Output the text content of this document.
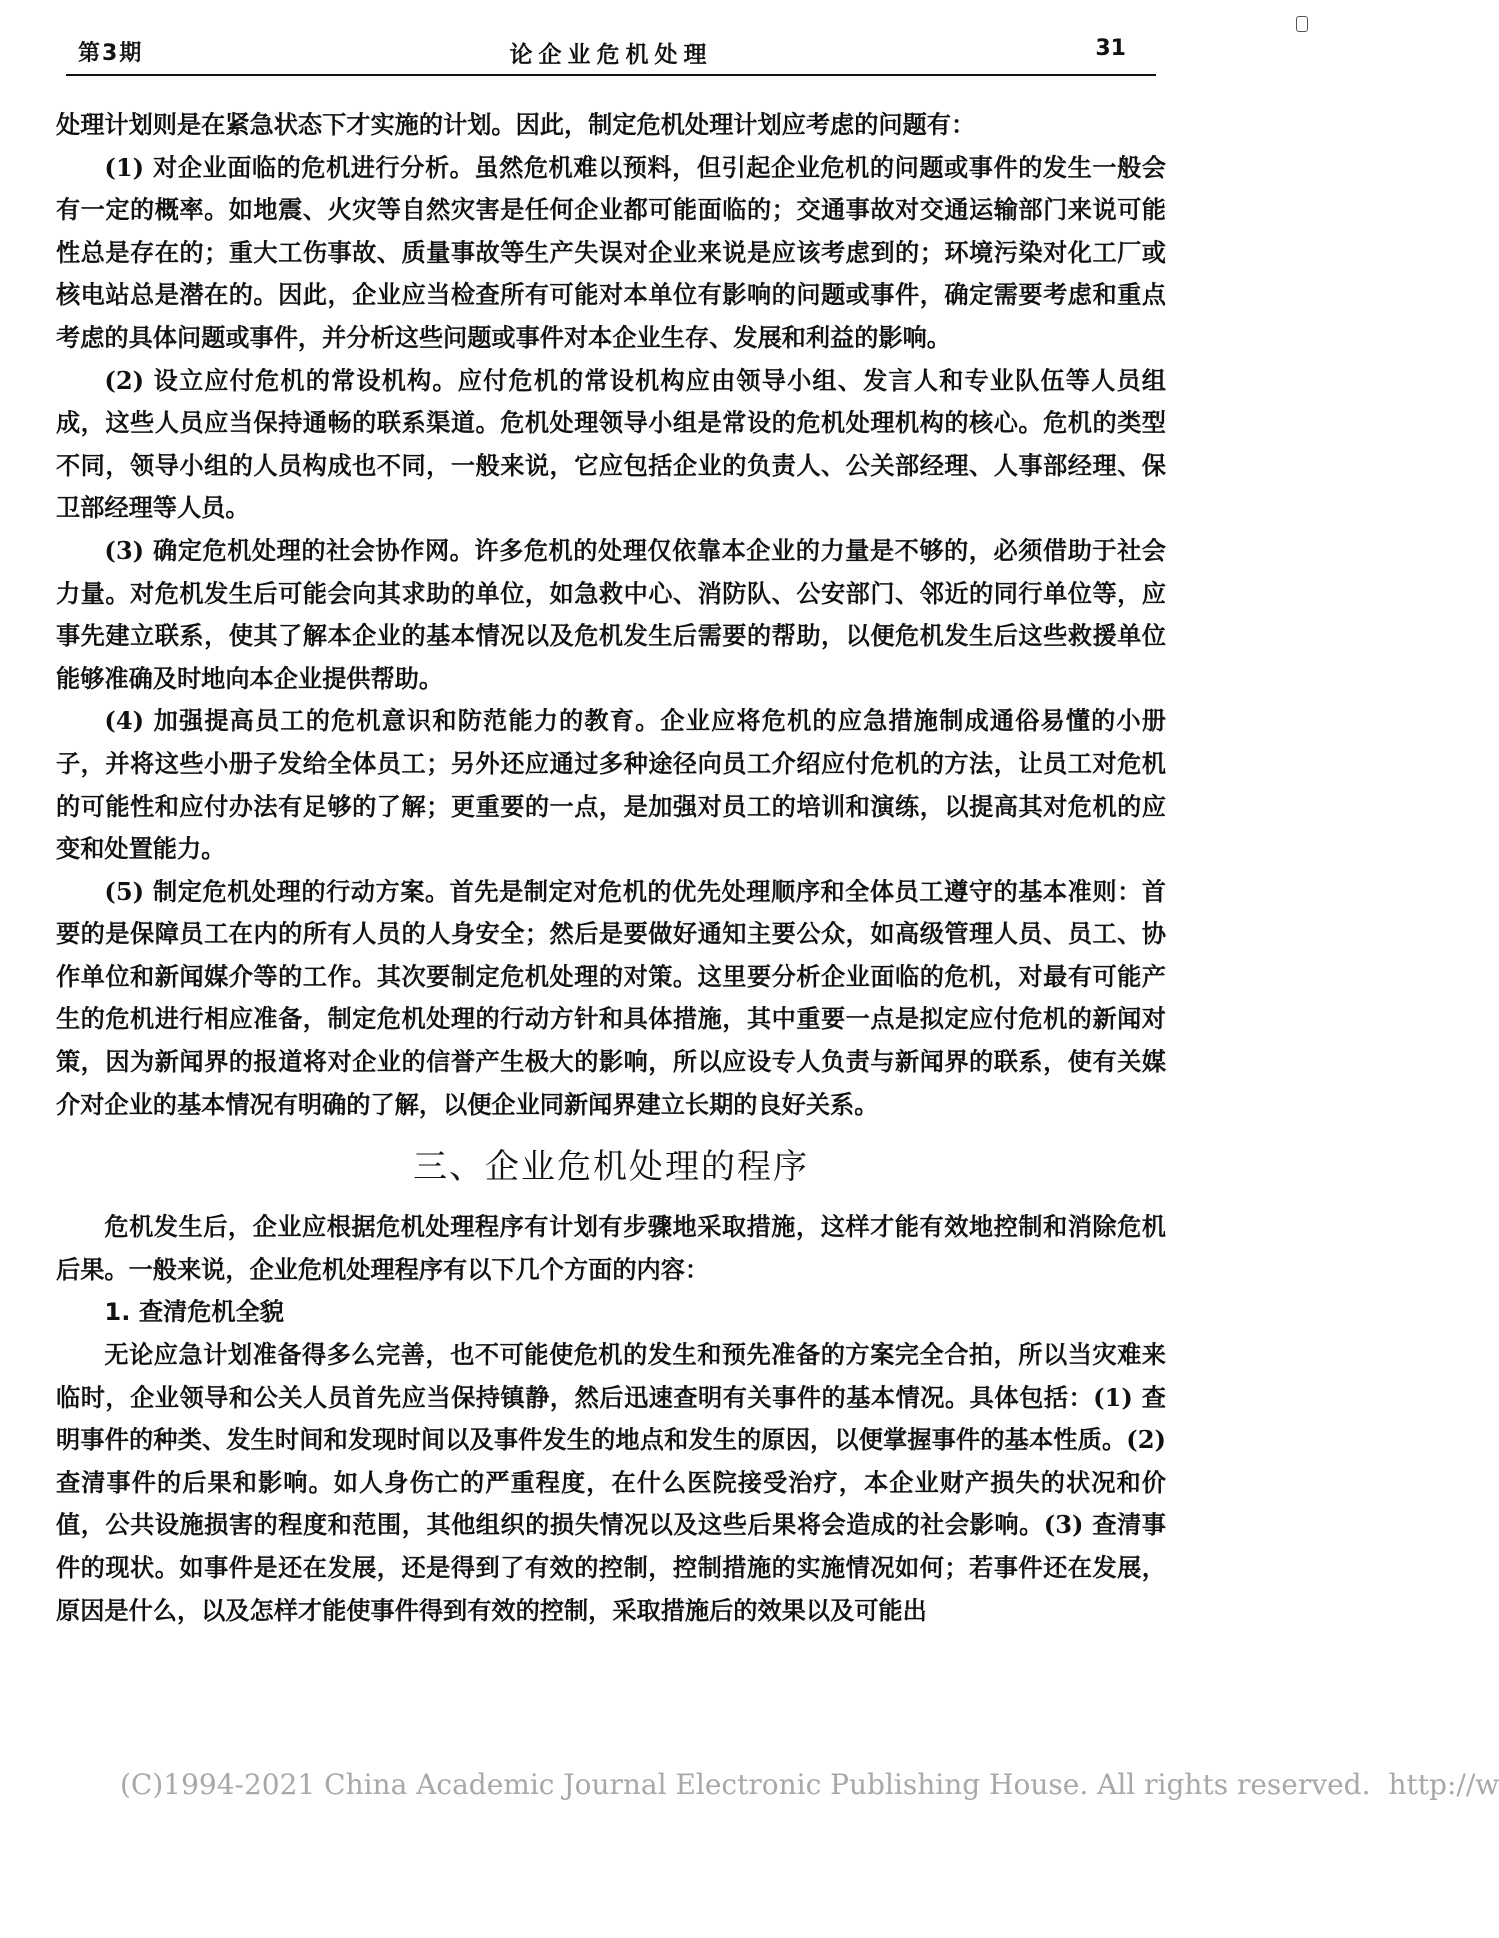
第3期	论企业危机处理	31

处理计划则是在紧急状态下才实施的计划。因此，制定危机处理计划应考虑的问题有：

(1) 对企业面临的危机进行分析。虽然危机难以预料，但引起企业危机的问题或事件的发生一般会有一定的概率。如地震、火灾等自然灾害是任何企业都可能面临的；交通事故对交通运输部门来说可能性总是存在的；重大工伤事故、质量事故等生产失误对企业来说是应该考虑到的；环境污染对化工厂或核电站总是潜在的。因此，企业应当检查所有可能对本单位有影响的问题或事件，确定需要考虑和重点考虑的具体问题或事件，并分析这些问题或事件对本企业生存、发展和利益的影响。

(2) 设立应付危机的常设机构。应付危机的常设机构应由领导小组、发言人和专业队伍等人员组成，这些人员应当保持通畅的联系渠道。危机处理领导小组是常设的危机处理机构的核心。危机的类型不同，领导小组的人员构成也不同，一般来说，它应包括企业的负责人、公关部经理、人事部经理、保卫部经理等人员。

(3) 确定危机处理的社会协作网。许多危机的处理仅依靠本企业的力量是不够的，必须借助于社会力量。对危机发生后可能会向其求助的单位，如急救中心、消防队、公安部门、邻近的同行单位等，应事先建立联系，使其了解本企业的基本情况以及危机发生后需要的帮助，以便危机发生后这些救援单位能够准确及时地向本企业提供帮助。

(4) 加强提高员工的危机意识和防范能力的教育。企业应将危机的应急措施制成通俗易懂的小册子，并将这些小册子发给全体员工；另外还应通过多种途径向员工介绍应付危机的方法，让员工对危机的可能性和应付办法有足够的了解；更重要的一点，是加强对员工的培训和演练，以提高其对危机的应变和处置能力。

(5) 制定危机处理的行动方案。首先是制定对危机的优先处理顺序和全体员工遵守的基本准则：首要的是保障员工在内的所有人员的人身安全；然后是要做好通知主要公众，如高级管理人员、员工、协作单位和新闻媒介等的工作。其次要制定危机处理的对策。这里要分析企业面临的危机，对最有可能产生的危机进行相应准备，制定危机处理的行动方针和具体措施，其中重要一点是拟定应付危机的新闻对策，因为新闻界的报道将对企业的信誉产生极大的影响，所以应设专人负责与新闻界的联系，使有关媒介对企业的基本情况有明确的了解，以便企业同新闻界建立长期的良好关系。

三、企业危机处理的程序

危机发生后，企业应根据危机处理程序有计划有步骤地采取措施，这样才能有效地控制和消除危机后果。一般来说，企业危机处理程序有以下几个方面的内容：

1. 查清危机全貌

无论应急计划准备得多么完善，也不可能使危机的发生和预先准备的方案完全合拍，所以当灾难来临时，企业领导和公关人员首先应当保持镇静，然后迅速查明有关事件的基本情况。具体包括：(1) 查明事件的种类、发生时间和发现时间以及事件发生的地点和发生的原因，以便掌握事件的基本性质。(2) 查清事件的后果和影响。如人身伤亡的严重程度，在什么医院接受治疗，本企业财产损失的状况和价值，公共设施损害的程度和范围，其他组织的损失情况以及这些后果将会造成的社会影响。(3) 查清事件的现状。如事件是还在发展，还是得到了有效的控制，控制措施的实施情况如何；若事件还在发展，原因是什么，以及怎样才能使事件得到有效的控制，采取措施后的效果以及可能出

(C)1994-2021 China Academic Journal Electronic Publishing House. All rights reserved. http://w
